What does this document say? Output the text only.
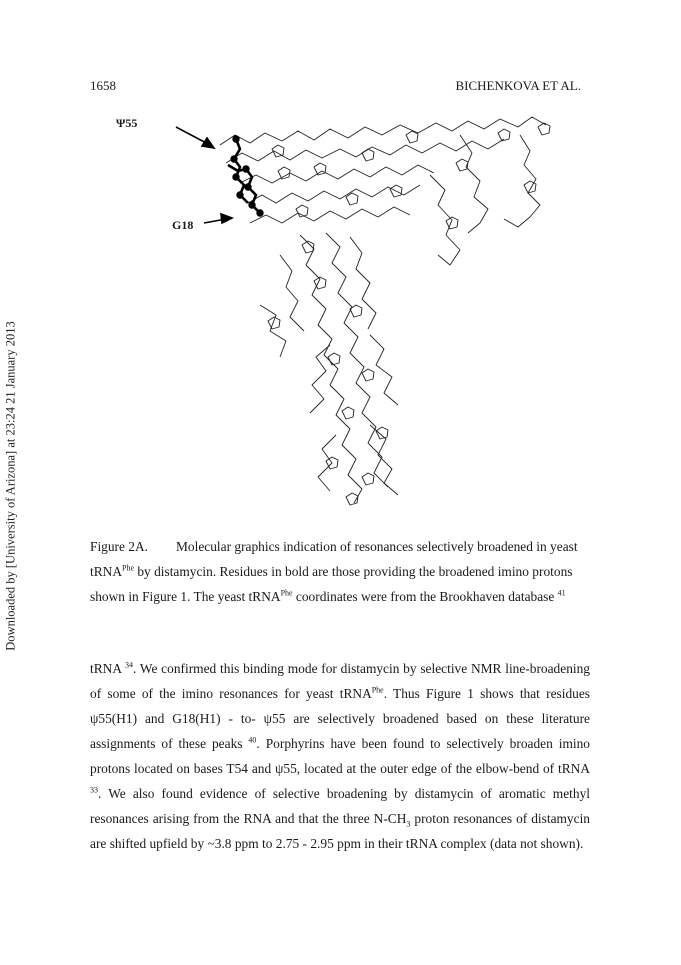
1658	BICHENKOVA ET AL.
Downloaded by [University of Arizona] at 23:24 21 January 2013
Ψ55
G18
Figure 2A. Molecular graphics indication of resonances selectively broadened in yeast
tRNA$^{Phe}$ by distamycin. Residues in bold are those providing the broadened imino protons
shown in Figure 1. The yeast tRNA$^{Phe}$ coordinates were from the Brookhaven database $^{41}$
tRNA $^{34}$. We confirmed this binding mode for distamycin by selective NMR line-broadening of some of the imino resonances for yeast tRNA$^{Phe}$. Thus Figure 1 shows that residues ψ55(H1) and G18(H1) - to- ψ55 are selectively broadened based on these literature assignments of these peaks $^{40}$. Porphyrins have been found to selectively broaden imino protons located on bases T54 and ψ55, located at the outer edge of the elbow-bend of tRNA $^{33}$. We also found evidence of selective broadening by distamycin of aromatic methyl resonances arising from the RNA and that the three $N-CH_3$ proton resonances of distamycin are shifted upfield by ~3.8 ppm to 2.75 - 2.95 ppm in their tRNA complex (data not shown).
